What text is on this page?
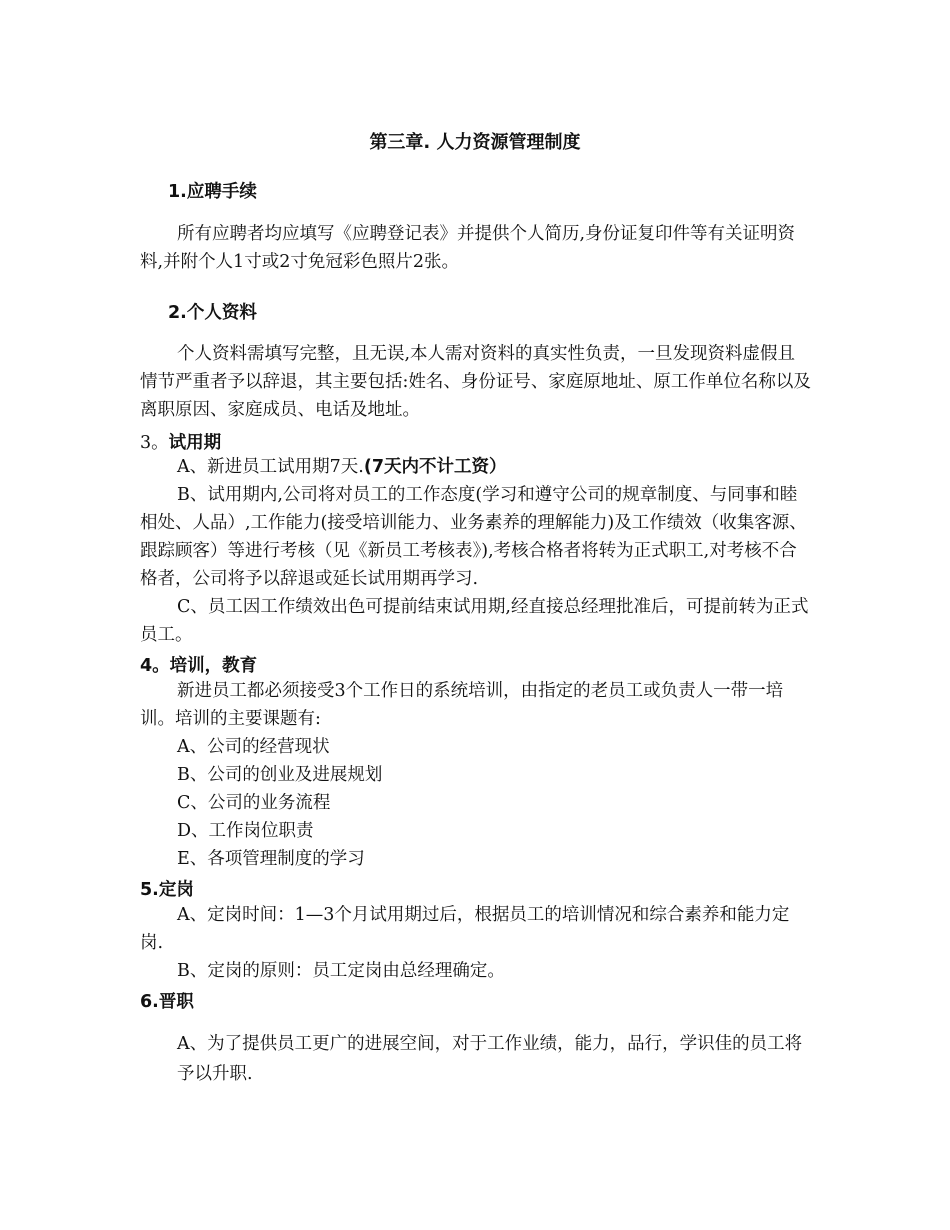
第三章. 人力资源管理制度
1.应聘手续

所有应聘者均应填写《应聘登记表》并提供个人简历,身份证复印件等有关证明资料,并附个人1寸或2寸免冠彩色照片2张。

2.个人资料

个人资料需填写完整，且无误,本人需对资料的真实性负责，一旦发现资料虚假且情节严重者予以辞退，其主要包括:姓名、身份证号、家庭原地址、原工作单位名称以及离职原因、家庭成员、电话及地址。

3。试用期
A、新进员工试用期7天.(7天内不计工资）

B、试用期内,公司将对员工的工作态度(学习和遵守公司的规章制度、与同事和睦相处、人品）,工作能力(接受培训能力、业务素养的理解能力)及工作绩效（收集客源、跟踪顾客）等进行考核（见《新员工考核表》),考核合格者将转为正式职工,对考核不合格者，公司将予以辞退或延长试用期再学习.

C、员工因工作绩效出色可提前结束试用期,经直接总经理批准后，可提前转为正式员工。

4。培训，教育

新进员工都必须接受3个工作日的系统培训，由指定的老员工或负责人一带一培训。培训的主要课题有:

A、公司的经营现状
B、公司的创业及进展规划
C、公司的业务流程
D、工作岗位职责
E、各项管理制度的学习
5.定岗

A、定岗时间：1—3个月试用期过后，根据员工的培训情况和综合素养和能力定岗.

B、定岗的原则：员工定岗由总经理确定。
6.晋职

A、为了提供员工更广的进展空间，对于工作业绩，能力，品行，学识佳的员工将予以升职.
